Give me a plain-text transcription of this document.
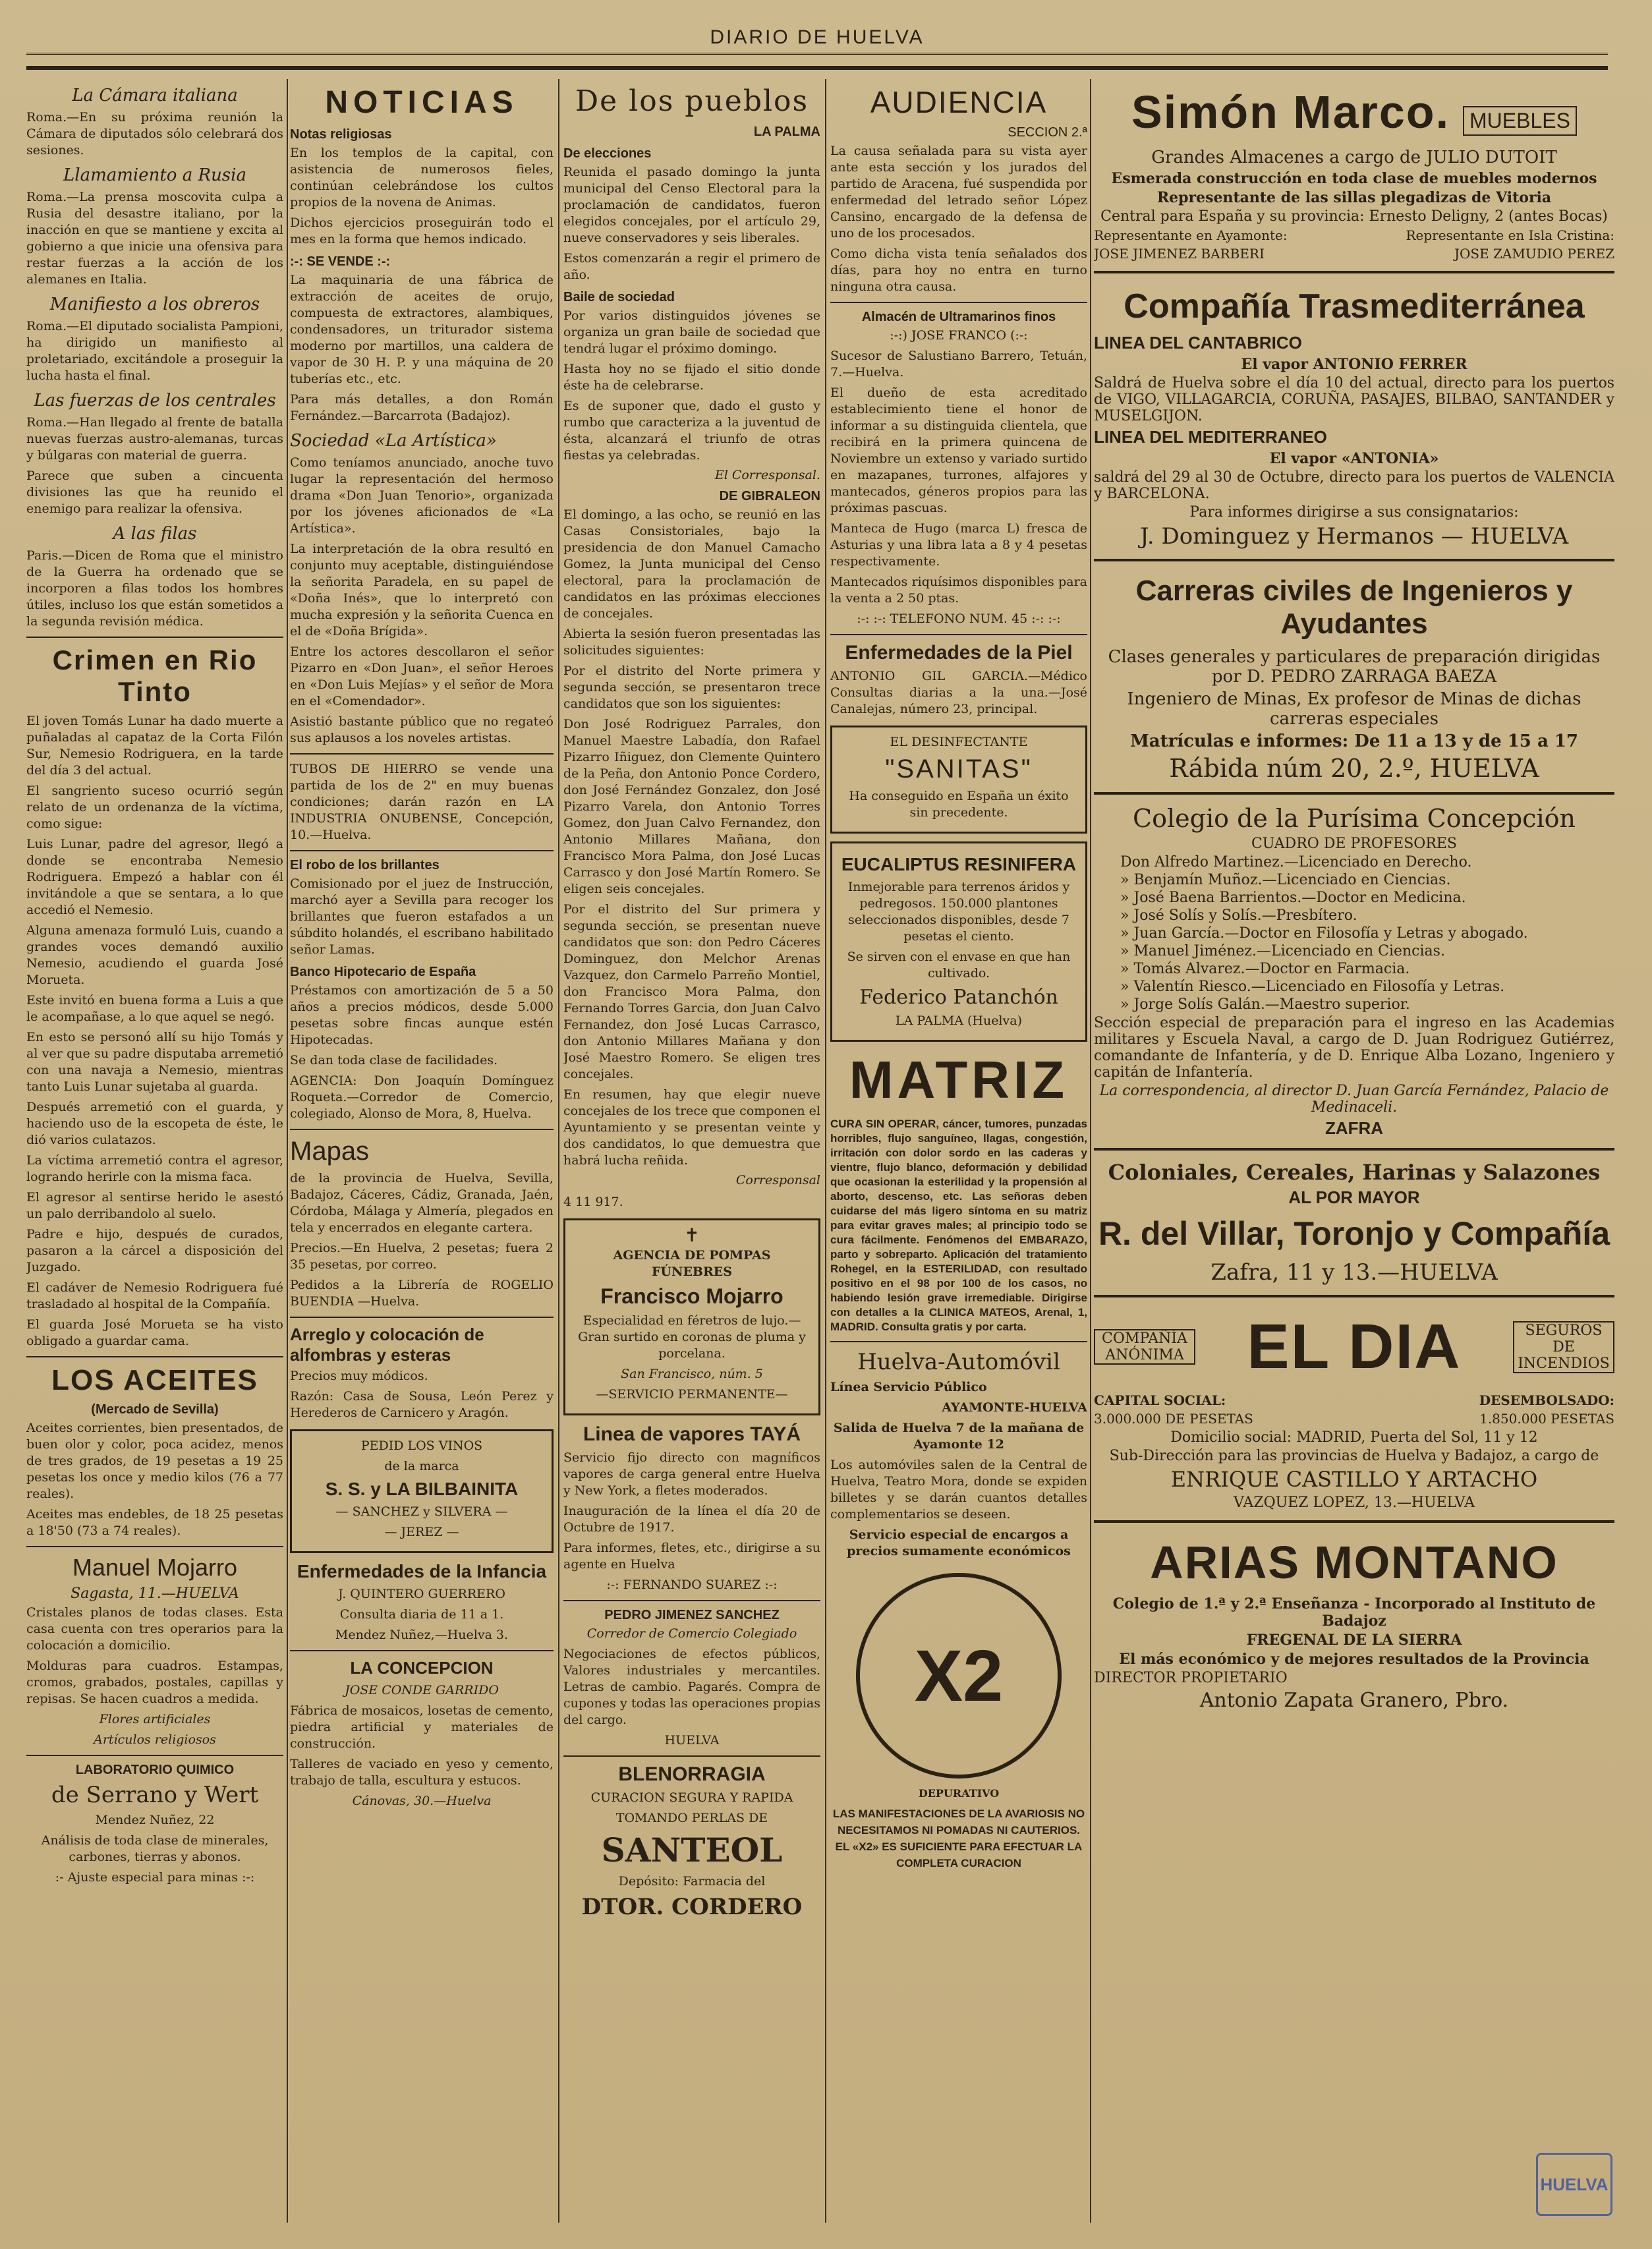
DIARIO DE HUELVA
La Cámara italiana

Roma.—En su próxima reunión la Cámara de diputados sólo celebrará dos sesiones.

Llamamiento a Rusia

Roma.—La prensa moscovita culpa a Rusia del desastre italiano, por la inacción en que se mantiene y excita al gobierno a que inicie una ofensiva para restar fuerzas a la acción de los alemanes en Italia.

Manifiesto a los obreros

Roma.—El diputado socialista Pampioni, ha dirigido un manifiesto al proletariado, excitándole a proseguir la lucha hasta el final.

Las fuerzas de los centrales

Roma.—Han llegado al frente de batalla nuevas fuerzas austro-alemanas, turcas y búlgaras con material de guerra.

Parece que suben a cincuenta divisiones las que ha reunido el enemigo para realizar la ofensiva.

A las filas

Paris.—Dicen de Roma que el ministro de la Guerra ha ordenado que se incorporen a filas todos los hombres útiles, incluso los que están sometidos a la segunda revisión médica.

Crimen en Rio Tinto

El joven Tomás Lunar ha dado muerte a puñaladas al capataz de la Corta Filón Sur, Nemesio Rodriguera, en la tarde del día 3 del actual.

El sangriento suceso ocurrió según relato de un ordenanza de la víctima, como sigue:

Luis Lunar, padre del agresor, llegó a donde se encontraba Nemesio Rodriguera. Empezó a hablar con él invitándole a que se sentara, a lo que accedió el Nemesio.

Alguna amenaza formuló Luis, cuando a grandes voces demandó auxilio Nemesio, acudiendo el guarda José Morueta.

Este invitó en buena forma a Luis a que le acompañase, a lo que aquel se negó.

En esto se personó allí su hijo Tomás y al ver que su padre disputaba arremetió con una navaja a Nemesio, mientras tanto Luis Lunar sujetaba al guarda.

Después arremetió con el guarda, y haciendo uso de la escopeta de éste, le dió varios culatazos.

La víctima arremetió contra el agresor, logrando herirle con la misma faca.

El agresor al sentirse herido le asestó un palo derribandolo al suelo.

Padre e hijo, después de curados, pasaron a la cárcel a disposición del Juzgado.

El cadáver de Nemesio Rodriguera fué trasladado al hospital de la Compañía.

El guarda José Morueta se ha visto obligado a guardar cama.

LOS ACEITES
(Mercado de Sevilla)

Aceites corrientes, bien presentados, de buen olor y color, poca acidez, menos de tres grados, de 19 pesetas a 19 25 pesetas los once y medio kilos (76 a 77 reales).

Aceites mas endebles, de 18 25 pesetas a 18'50 (73 a 74 reales).

Manuel Mojarro
Sagasta, 11.—HUELVA

Cristales planos de todas clases. Esta casa cuenta con tres operarios para la colocación a domicilio.

Molduras para cuadros. Estampas, cromos, grabados, postales, capillas y repisas. Se hacen cuadros a medida.

Flores artificiales

Artículos religiosos

LABORATORIO QUIMICO
de Serrano y Wert

Mendez Nuñez, 22

Análisis de toda clase de minerales, carbones, tierras y abonos.

:- Ajuste especial para minas :-:

NOTICIAS
Notas religiosas

En los templos de la capital, con asistencia de numerosos fieles, continúan celebrándose los cultos propios de la novena de Animas.

Dichos ejercicios proseguirán todo el mes en la forma que hemos indicado.

:-: SE VENDE :-:

La maquinaria de una fábrica de extracción de aceites de orujo, compuesta de extractores, alambiques, condensadores, un triturador sistema moderno por martillos, una caldera de vapor de 30 H. P. y una máquina de 20 tuberías etc., etc.

Para más detalles, a don Román Fernández.—Barcarrota (Badajoz).

Sociedad «La Artística»

Como teníamos anunciado, anoche tuvo lugar la representación del hermoso drama «Don Juan Tenorio», organizada por los jóvenes aficionados de «La Artística».

La interpretación de la obra resultó en conjunto muy aceptable, distinguiéndose la señorita Paradela, en su papel de «Doña Inés», que lo interpretó con mucha expresión y la señorita Cuenca en el de «Doña Brígida».

Entre los actores descollaron el señor Pizarro en «Don Juan», el señor Heroes en «Don Luis Mejías» y el señor de Mora en el «Comendador».

Asistió bastante público que no regateó sus aplausos a los noveles artistas.

TUBOS DE HIERRO se vende una partida de los de 2" en muy buenas condiciones; darán razón en LA INDUSTRIA ONUBENSE, Concepción, 10.—Huelva.

El robo de los brillantes

Comisionado por el juez de Instrucción, marchó ayer a Sevilla para recoger los brillantes que fueron estafados a un súbdito holandés, el escribano habilitado señor Lamas.

Banco Hipotecario de España

Préstamos con amortización de 5 a 50 años a precios módicos, desde 5.000 pesetas sobre fincas aunque estén Hipotecadas.

Se dan toda clase de facilidades.

AGENCIA: Don Joaquín Domínguez Roqueta.—Corredor de Comercio, colegiado, Alonso de Mora, 8, Huelva.

Mapas

de la provincia de Huelva, Sevilla, Badajoz, Cáceres, Cádiz, Granada, Jaén, Córdoba, Málaga y Almería, plegados en tela y encerrados en elegante cartera.

Precios.—En Huelva, 2 pesetas; fuera 2 35 pesetas, por correo.

Pedidos a la Librería de ROGELIO BUENDIA —Huelva.

Arreglo y colocación de alfombras y esteras

Precios muy módicos.

Razón: Casa de Sousa, León Perez y Herederos de Carnicero y Aragón.

PEDID LOS VINOS

de la marca

S. S. y LA BILBAINITA

— SANCHEZ y SILVERA —

— JEREZ —

Enfermedades de la Infancia

J. QUINTERO GUERRERO

Consulta diaria de 11 a 1.

Mendez Nuñez,—Huelva 3.

LA CONCEPCION

JOSE CONDE GARRIDO

Fábrica de mosaicos, losetas de cemento, piedra artificial y materiales de construcción.

Talleres de vaciado en yeso y cemento, trabajo de talla, escultura y estucos.

Cánovas, 30.—Huelva

De los pueblos
LA PALMA
De elecciones

Reunida el pasado domingo la junta municipal del Censo Electoral para la proclamación de candidatos, fueron elegidos concejales, por el artículo 29, nueve conservadores y seis liberales.

Estos comenzarán a regir el primero de año.

Baile de sociedad

Por varios distinguidos jóvenes se organiza un gran baile de sociedad que tendrá lugar el próximo domingo.

Hasta hoy no se fijado el sitio donde éste ha de celebrarse.

Es de suponer que, dado el gusto y rumbo que caracteriza a la juventud de ésta, alcanzará el triunfo de otras fiestas ya celebradas.

El Corresponsal.
DE GIBRALEON

El domingo, a las ocho, se reunió en las Casas Consistoriales, bajo la presidencia de don Manuel Camacho Gomez, la Junta municipal del Censo electoral, para la proclamación de candidatos en las próximas elecciones de concejales.

Abierta la sesión fueron presentadas las solicitudes siguientes:

Por el distrito del Norte primera y segunda sección, se presentaron trece candidatos que son los siguientes:

Don José Rodriguez Parrales, don Manuel Maestre Labadía, don Rafael Pizarro Iñiguez, don Clemente Quintero de la Peña, don Antonio Ponce Cordero, don José Fernández Gonzalez, don José Pizarro Varela, don Antonio Torres Gomez, don Juan Calvo Fernandez, don Antonio Millares Mañana, don Francisco Mora Palma, don José Lucas Carrasco y don José Martín Romero. Se eligen seis concejales.

Por el distrito del Sur primera y segunda sección, se presentan nueve candidatos que son: don Pedro Cáceres Dominguez, don Melchor Arenas Vazquez, don Carmelo Parreño Montiel, don Francisco Mora Palma, don Fernando Torres Garcia, don Juan Calvo Fernandez, don José Lucas Carrasco, don Antonio Millares Mañana y don José Maestro Romero. Se eligen tres concejales.

En resumen, hay que elegir nueve concejales de los trece que componen el Ayuntamiento y se presentan veinte y dos candidatos, lo que demuestra que habrá lucha reñida.

Corresponsal

4 11 917.

✝

AGENCIA DE POMPAS FÚNEBRES

Francisco Mojarro

Especialidad en féretros de lujo.—Gran surtido en coronas de pluma y porcelana.

San Francisco, núm. 5

—SERVICIO PERMANENTE—

Linea de vapores TAYÁ

Servicio fijo directo con magníficos vapores de carga general entre Huelva y New York, a fletes moderados.

Inauguración de la línea el día 20 de Octubre de 1917.

Para informes, fletes, etc., dirigirse a su agente en Huelva

:-: FERNANDO SUAREZ :-:

PEDRO JIMENEZ SANCHEZ

Corredor de Comercio Colegiado

Negociaciones de efectos públicos, Valores industriales y mercantiles. Letras de cambio. Pagarés. Compra de cupones y todas las operaciones propias del cargo.

HUELVA

BLENORRAGIA

CURACION SEGURA Y RAPIDA

TOMANDO PERLAS DE

SANTEOL

Depósito: Farmacia del

DTOR. CORDERO
AUDIENCIA
SECCION 2.ª

La causa señalada para su vista ayer ante esta sección y los jurados del partido de Aracena, fué suspendida por enfermedad del letrado señor López Cansino, encargado de la defensa de uno de los procesados.

Como dicha vista tenía señalados dos días, para hoy no entra en turno ninguna otra causa.

Almacén de Ultramarinos finos

:-:) JOSE FRANCO (:-:

Sucesor de Salustiano Barrero, Tetuán, 7.—Huelva.

El dueño de esta acreditado establecimiento tiene el honor de informar a su distinguida clientela, que recibirá en la primera quincena de Noviembre un extenso y variado surtido en mazapanes, turrones, alfajores y mantecados, géneros propios para las próximas pascuas.

Manteca de Hugo (marca L) fresca de Asturias y una libra lata a 8 y 4 pesetas respectivamente.

Mantecados riquísimos disponibles para la venta a 2 50 ptas.

:-: :-: TELEFONO NUM. 45 :-: :-:

Enfermedades de la Piel

ANTONIO GIL GARCIA.—Médico Consultas diarias a la una.—José Canalejas, número 23, principal.

EL DESINFECTANTE

"SANITAS"

Ha conseguido en España un éxito sin precedente.

EUCALIPTUS RESINIFERA

Inmejorable para terrenos áridos y pedregosos. 150.000 plantones seleccionados disponibles, desde 7 pesetas el ciento.

Se sirven con el envase en que han cultivado.

Federico Patanchón

LA PALMA (Huelva)

MATRIZ

CURA SIN OPERAR, cáncer, tumores, punzadas horribles, flujo sanguíneo, llagas, congestión, irritación con dolor sordo en las caderas y vientre, flujo blanco, deformación y debilidad que ocasionan la esterilidad y la propensión al aborto, descenso, etc. Las señoras deben cuidarse del más ligero síntoma en su matriz para evitar graves males; al principio todo se cura fácilmente. Fenómenos del EMBARAZO, parto y sobreparto. Aplicación del tratamiento Rohegel, en la ESTERILIDAD, con resultado positivo en el 98 por 100 de los casos, no habiendo lesión grave irremediable. Dirigirse con detalles a la CLINICA MATEOS, Arenal, 1, MADRID. Consulta gratis y por carta.

Huelva-Automóvil

Línea Servicio Público

AYAMONTE-HUELVA

Salida de Huelva 7 de la mañana de Ayamonte 12

Los automóviles salen de la Central de Huelva, Teatro Mora, donde se expiden billetes y se darán cuantos detalles complementarios se deseen.

Servicio especial de encargos a precios sumamente económicos

X2

DEPURATIVO

LAS MANIFESTACIONES DE LA AVARIOSIS NO NECESITAMOS NI POMADAS NI CAUTERIOS. EL «X2» ES SUFICIENTE PARA EFECTUAR LA COMPLETA CURACION

Simón Marco. MUEBLES
Grandes Almacenes a cargo de JULIO DUTOIT
Esmerada construcción en toda clase de muebles modernos
Representante de las sillas plegadizas de Vitoria
Central para España y su provincia: Ernesto Deligny, 2 (antes Bocas)
Representante en Ayamonte:	Representante en Isla Cristina:
JOSE JIMENEZ BARBERI	JOSE ZAMUDIO PEREZ
Compañía Trasmediterránea
LINEA DEL CANTABRICO
El vapor ANTONIO FERRER
Saldrá de Huelva sobre el día 10 del actual, directo para los puertos de VIGO, VILLAGARCIA, CORUÑA, PASAJES, BILBAO, SANTANDER y MUSELGIJON.
LINEA DEL MEDITERRANEO
El vapor «ANTONIA»
saldrá del 29 al 30 de Octubre, directo para los puertos de VALENCIA y BARCELONA.
Para informes dirigirse a sus consignatarios:
J. Dominguez y Hermanos — HUELVA
Carreras civiles de Ingenieros y Ayudantes
Clases generales y particulares de preparación dirigidas por D. PEDRO ZARRAGA BAEZA
Ingeniero de Minas, Ex profesor de Minas de dichas carreras especiales
Matrículas e informes: De 11 a 13 y de 15 a 17
Rábida núm 20, 2.º, HUELVA
Colegio de la Purísima Concepción
CUADRO DE PROFESORES
Don Alfredo Martinez.—Licenciado en Derecho.
» Benjamín Muñoz.—Licenciado en Ciencias.
» José Baena Barrientos.—Doctor en Medicina.
» José Solís y Solís.—Presbítero.
» Juan García.—Doctor en Filosofía y Letras y abogado.
» Manuel Jiménez.—Licenciado en Ciencias.
» Tomás Alvarez.—Doctor en Farmacia.
» Valentín Riesco.—Licenciado en Filosofía y Letras.
» Jorge Solís Galán.—Maestro superior.
Sección especial de preparación para el ingreso en las Academias militares y Escuela Naval, a cargo de D. Juan Rodriguez Gutiérrez, comandante de Infantería, y de D. Enrique Alba Lozano, Ingeniero y capitán de Infantería.
La correspondencia, al director D. Juan García Fernández, Palacio de Medinaceli.
ZAFRA
Coloniales, Cereales, Harinas y Salazones
AL POR MAYOR
R. del Villar, Toronjo y Compañía
Zafra, 11 y 13.—HUELVA
COMPAÑÍA ANÓNIMA EL DIA	SEGUROS DE INCENDIOS
CAPITAL SOCIAL:	DESEMBOLSADO:
3.000.000 DE PESETAS	1.850.000 PESETAS
Domicilio social: MADRID, Puerta del Sol, 11 y 12
Sub-Dirección para las provincias de Huelva y Badajoz, a cargo de
ENRIQUE CASTILLO Y ARTACHO
VAZQUEZ LOPEZ, 13.—HUELVA
ARIAS MONTANO
Colegio de 1.ª y 2.ª Enseñanza - Incorporado al Instituto de Badajoz
FREGENAL DE LA SIERRA
El más económico y de mejores resultados de la Provincia
DIRECTOR PROPIETARIO
Antonio Zapata Granero, Pbro.
HUELVA
